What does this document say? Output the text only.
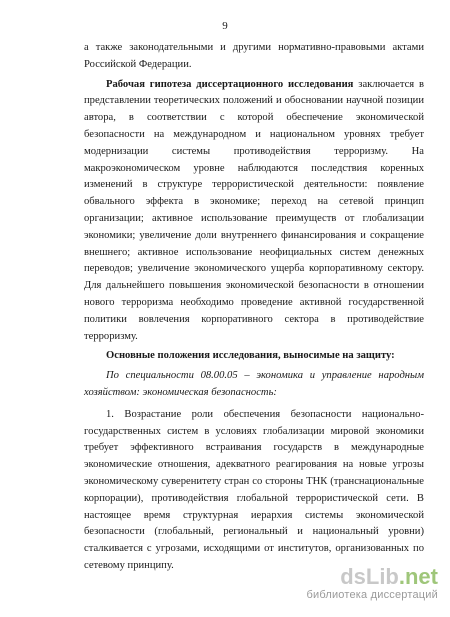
9

а также законодательными и другими нормативно-правовыми актами Российской Федерации.

Рабочая гипотеза диссертационного исследования заключается в представлении теоретических положений и обосновании научной позиции автора, в соответствии с которой обеспечение экономической безопасности на международном и национальном уровнях требует модернизации системы противодействия терроризму. На макроэкономическом уровне наблюдаются последствия коренных изменений в структуре террористической деятельности: появление обвального эффекта в экономике; переход на сетевой принцип организации; активное использование преимуществ от глобализации экономики; увеличение доли внутреннего финансирования и сокращение внешнего; активное использование неофициальных систем денежных переводов; увеличение экономического ущерба корпоративному сектору. Для дальнейшего повышения экономической безопасности в отношении нового терроризма необходимо проведение активной государственной политики вовлечения корпоративного сектора в противодействие терроризму.

Основные положения исследования, выносимые на защиту:

По специальности 08.00.05 – экономика и управление народным хозяйством: экономическая безопасность:

1. Возрастание роли обеспечения безопасности национально-государственных систем в условиях глобализации мировой экономики требует эффективного встраивания государств в международные экономические отношения, адекватного реагирования на новые угрозы экономическому суверенитету стран со стороны ТНК (транснациональные корпорации), противодействия глобальной террористической сети. В настоящее время структурная иерархия системы экономической безопасности (глобальный, региональный и национальный уровни) сталкивается с угрозами, исходящими от институтов, организованных по сетевому принципу.	dsLib.net
библиотека диссертаций
